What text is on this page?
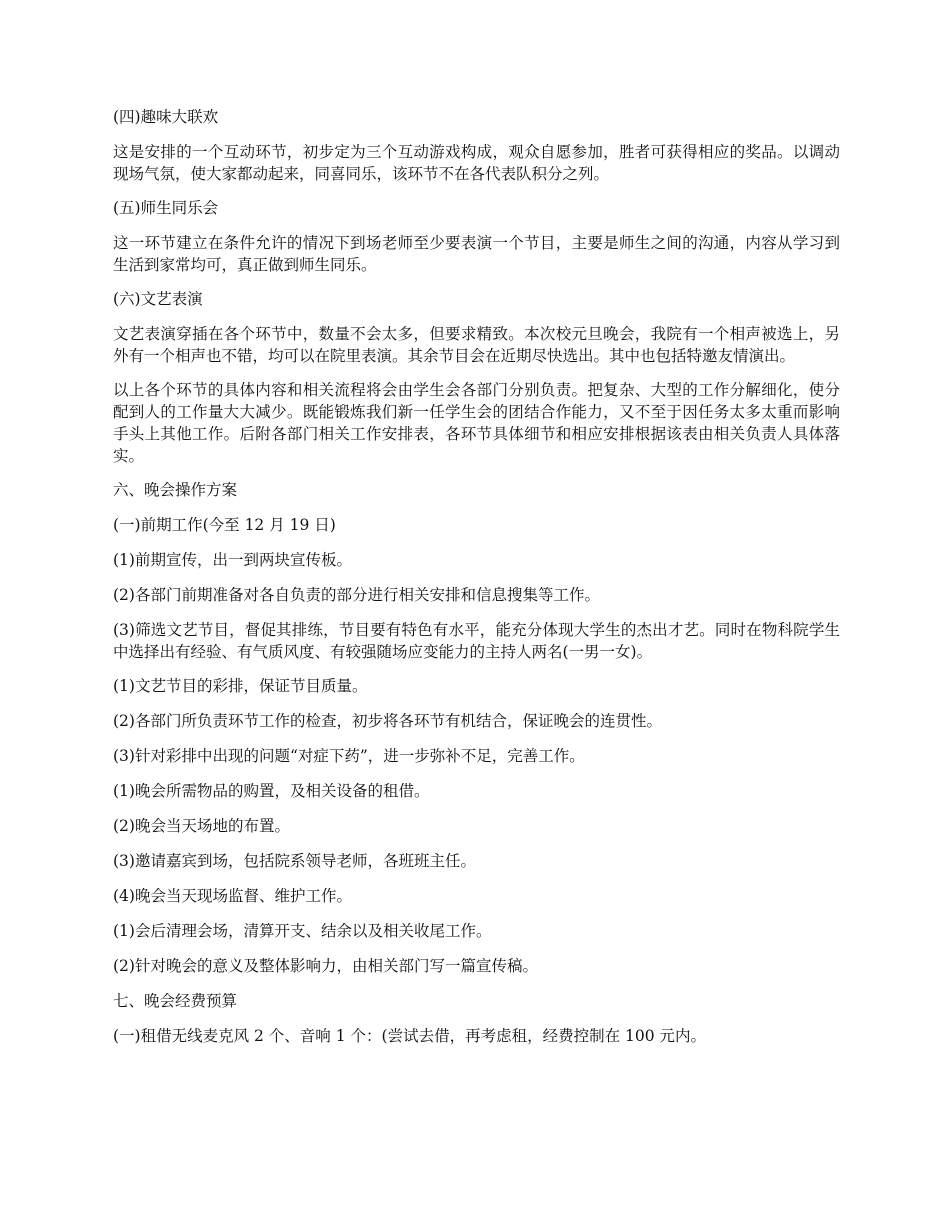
(四)趣味大联欢

这是安排的一个互动环节，初步定为三个互动游戏构成，观众自愿参加，胜者可获得相应的奖品。以调动现场气氛，使大家都动起来，同喜同乐，该环节不在各代表队积分之列。

(五)师生同乐会

这一环节建立在条件允许的情况下到场老师至少要表演一个节目，主要是师生之间的沟通，内容从学习到生活到家常均可，真正做到师生同乐。

(六)文艺表演

文艺表演穿插在各个环节中，数量不会太多，但要求精致。本次校元旦晚会，我院有一个相声被选上，另外有一个相声也不错，均可以在院里表演。其余节目会在近期尽快选出。其中也包括特邀友情演出。

以上各个环节的具体内容和相关流程将会由学生会各部门分别负责。把复杂、大型的工作分解细化，使分配到人的工作量大大减少。既能锻炼我们新一任学生会的团结合作能力，又不至于因任务太多太重而影响手头上其他工作。后附各部门相关工作安排表，各环节具体细节和相应安排根据该表由相关负责人具体落实。

六、晚会操作方案

(一)前期工作(今至 12 月 19 日)

(1)前期宣传，出一到两块宣传板。

(2)各部门前期准备对各自负责的部分进行相关安排和信息搜集等工作。

(3)筛选文艺节目，督促其排练，节目要有特色有水平，能充分体现大学生的杰出才艺。同时在物科院学生中选择出有经验、有气质风度、有较强随场应变能力的主持人两名(一男一女)。

(1)文艺节目的彩排，保证节目质量。

(2)各部门所负责环节工作的检查，初步将各环节有机结合，保证晚会的连贯性。

(3)针对彩排中出现的问题“对症下药”，进一步弥补不足，完善工作。

(1)晚会所需物品的购置，及相关设备的租借。

(2)晚会当天场地的布置。

(3)邀请嘉宾到场，包括院系领导老师，各班班主任。

(4)晚会当天现场监督、维护工作。

(1)会后清理会场，清算开支、结余以及相关收尾工作。

(2)针对晚会的意义及整体影响力，由相关部门写一篇宣传稿。

七、晚会经费预算

(一)租借无线麦克风 2 个、音响 1 个：(尝试去借，再考虑租，经费控制在 100 元内。
